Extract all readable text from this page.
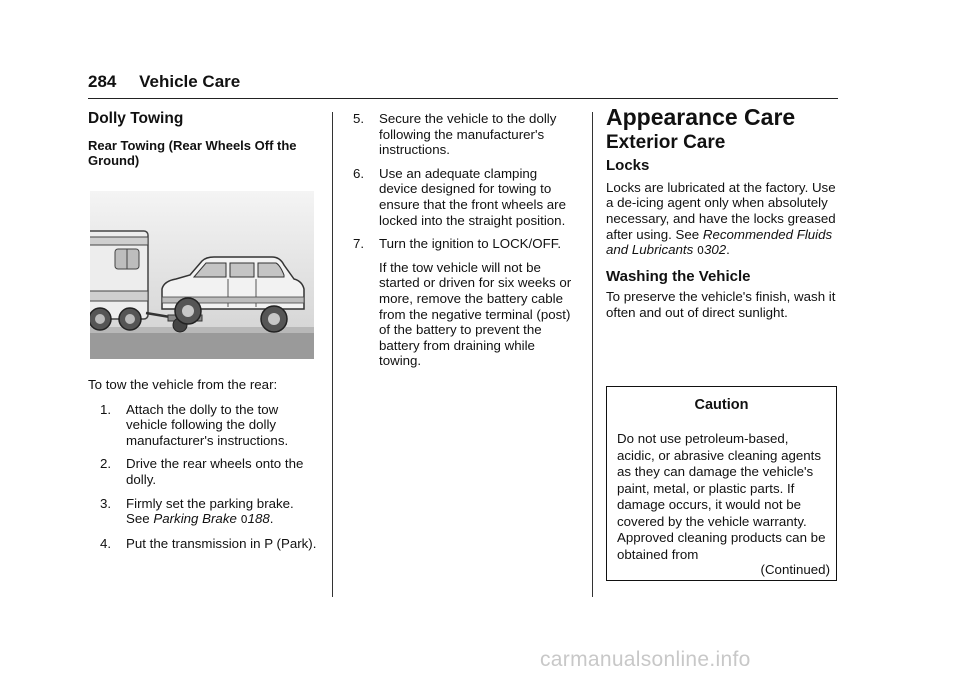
284 Vehicle Care
Dolly Towing
Rear Towing (Rear Wheels Off the Ground)
To tow the vehicle from the rear:
1. Attach the dolly to the tow vehicle following the dolly manufacturer's instructions.
2. Drive the rear wheels onto the dolly.
3. Firmly set the parking brake. See Parking Brake 0188.
4. Put the transmission in P (Park).
5. Secure the vehicle to the dolly following the manufacturer's instructions.
6. Use an adequate clamping device designed for towing to ensure that the front wheels are locked into the straight position.
7. Turn the ignition to LOCK/OFF.
If the tow vehicle will not be started or driven for six weeks or more, remove the battery cable from the negative terminal (post) of the battery to prevent the battery from draining while towing.
Appearance Care
Exterior Care
Locks
Locks are lubricated at the factory. Use a de-icing agent only when absolutely necessary, and have the locks greased after using. See Recommended Fluids and Lubricants 0302.
Washing the Vehicle
To preserve the vehicle's finish, wash it often and out of direct sunlight.
Caution
Do not use petroleum-based, acidic, or abrasive cleaning agents as they can damage the vehicle's paint, metal, or plastic parts. If damage occurs, it would not be covered by the vehicle warranty. Approved cleaning products can be obtained from
(Continued)
carmanualsonline.info
